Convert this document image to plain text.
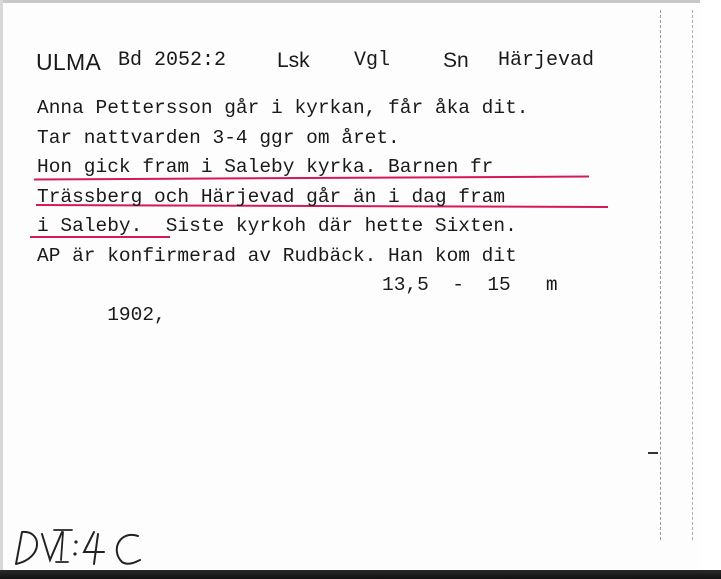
ULMA Bd 2052:2 Lsk Vgl	Sn Härjevad
Anna Pettersson går i kyrkan, får åka dit.
Tar nattvarden 3-4 ggr om året.
Hon gick fram i Saleby kyrka. Barnen fr
Trässberg och Härjevad går än i dag fram
i Saleby.  Siste kyrkoh där hette Sixten.
AP är konfirmerad av Rudbäck. Han kom dit

1902,

13,5  -  15   m
